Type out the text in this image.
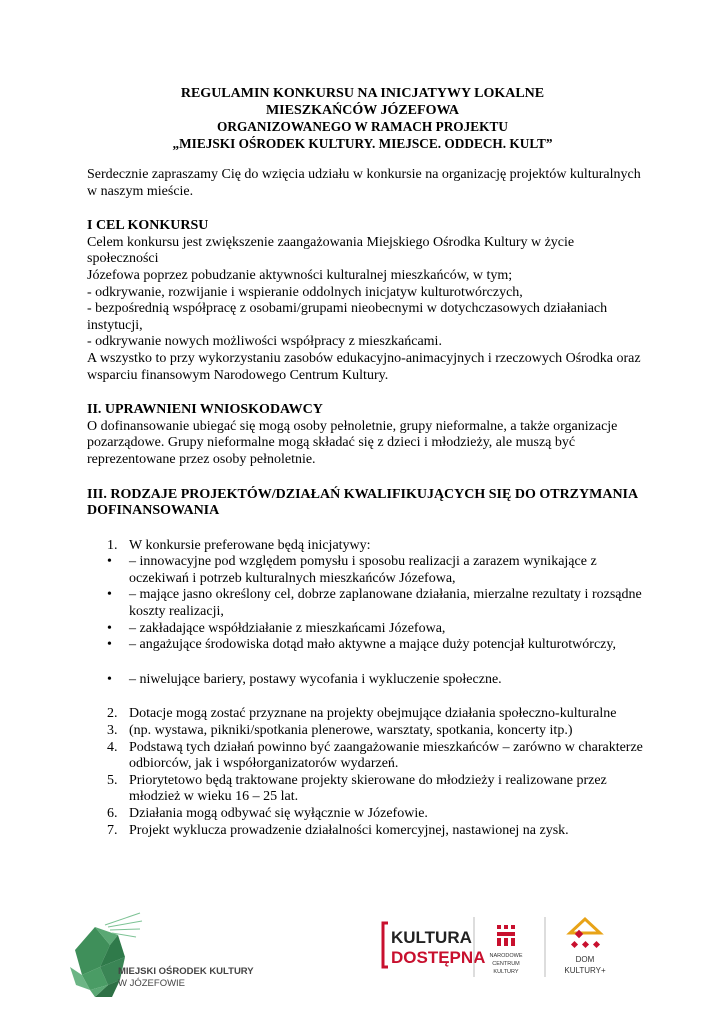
REGULAMIN KONKURSU NA INICJATYWY LOKALNE
MIESZKAŃCÓW JÓZEFOWA
ORGANIZOWANEGO W RAMACH PROJEKTU
„MIEJSKI OŚRODEK KULTURY. MIEJSCE. ODDECH. KULT”

Serdecznie zapraszamy Cię do wzięcia udziału w konkursie na organizację projektów kulturalnych w naszym mieście.

I CEL KONKURSU

Celem konkursu jest zwiększenie zaangażowania Miejskiego Ośrodka Kultury w życie społeczności

Józefowa poprzez pobudzanie aktywności kulturalnej mieszkańców, w tym;

- odkrywanie, rozwijanie i wspieranie oddolnych inicjatyw kulturotwórczych,

- bezpośrednią współpracę z osobami/grupami nieobecnymi w dotychczasowych działaniach instytucji,

- odkrywanie nowych możliwości współpracy z mieszkańcami.

A wszystko to przy wykorzystaniu zasobów edukacyjno-animacyjnych i rzeczowych Ośrodka oraz wsparciu finansowym Narodowego Centrum Kultury.

II. UPRAWNIENI WNIOSKODAWCY

O dofinansowanie ubiegać się mogą osoby pełnoletnie, grupy nieformalne, a także organizacje pozarządowe. Grupy nieformalne mogą składać się z dzieci i młodzieży, ale muszą być reprezentowane przez osoby pełnoletnie.

III. RODZAJE PROJEKTÓW/DZIAŁAŃ KWALIFIKUJĄCYCH SIĘ DO OTRZYMANIA DOFINANSOWANIA

1. W konkursie preferowane będą inicjatywy:
• – innowacyjne pod względem pomysłu i sposobu realizacji a zarazem wynikające z oczekiwań i potrzeb kulturalnych mieszkańców Józefowa,
• – mające jasno określony cel, dobrze zaplanowane działania, mierzalne rezultaty i rozsądne koszty realizacji,
• – zakładające współdziałanie z mieszkańcami Józefowa,
• – angażujące środowiska dotąd mało aktywne a mające duży potencjał kulturotwórczy,
• – niwelujące bariery, postawy wycofania i wykluczenie społeczne.
2. Dotacje mogą zostać przyznane na projekty obejmujące działania społeczno-kulturalne
3. (np. wystawa, pikniki/spotkania plenerowe, warsztaty, spotkania, koncerty itp.)
4. Podstawą tych działań powinno być zaangażowanie mieszkańców – zarówno w charakterze odbiorców, jak i współorganizatorów wydarzeń.
5. Priorytetowo będą traktowane projekty skierowane do młodzieży i realizowane przez młodzież w wieku 16 – 25 lat.
6. Działania mogą odbywać się wyłącznie w Józefowie.
7. Projekt wyklucza prowadzenie działalności komercyjnej, nastawionej na zysk.
MIEJSKI OŚRODEK KULTURY
W JÓZEFOWIE
KULTURA
DOSTĘPNA NARODOWE
CENTRUM
KULTURY
DOM
KULTURY+
